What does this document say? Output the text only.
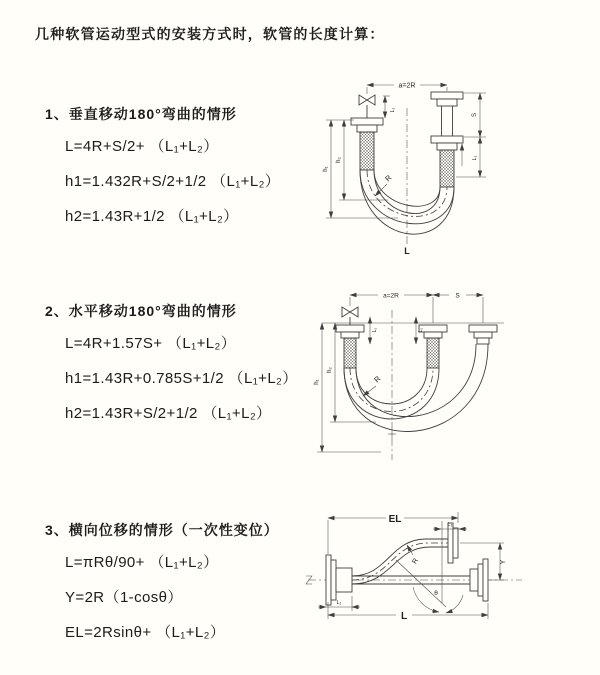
几种软管运动型式的安装方式时，软管的长度计算：
1、垂直移动180°弯曲的情形
L=4R+S/2+ （L₁+L₂）
h1=1.432R+S/2+1/2 （L₁+L₂）
h2=1.43R+1/2 （L₁+L₂）
2、水平移动180°弯曲的情形
L=4R+1.57S+ （L₁+L₂）
h1=1.43R+0.785S+1/2 （L₁+L₂）
h2=1.43R+S/2+1/2 （L₁+L₂）
3、横向位移的情形（一次性变位）
L=πRθ/90+ （L₁+L₂）
Y=2R（1-cosθ）
EL=2Rsinθ+ （L₁+L₂）
a=2R
L
R
h₁
h₂
L₁
S
L₁
a=2R	S
h₁
h₂
L₁	L₁
R
θ
R
EL	L₁
Y
L
L₁
